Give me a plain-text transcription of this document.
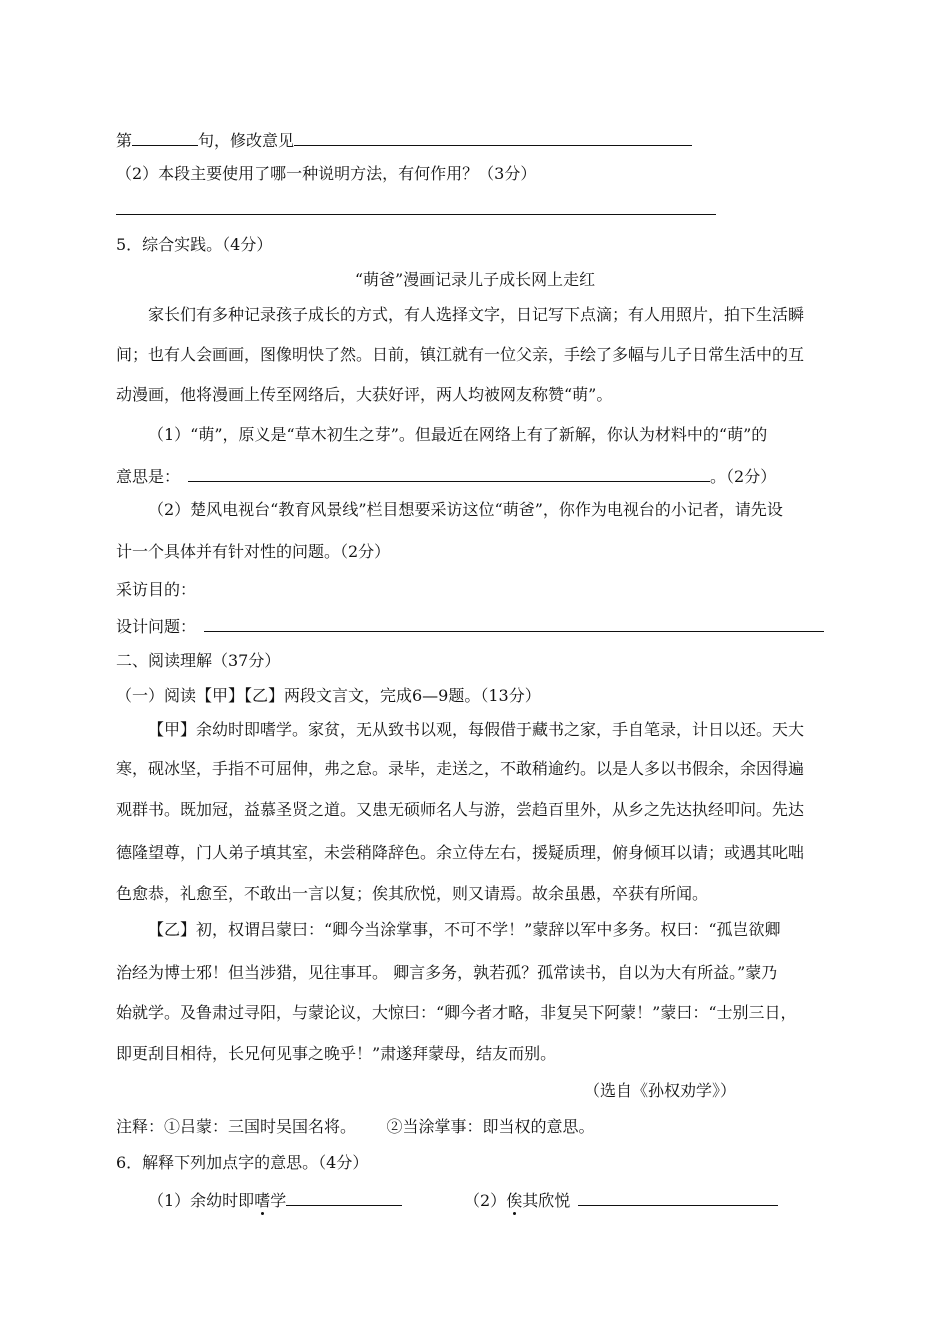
第	句，修改意见
（2）本段主要使用了哪一种说明方法，有何作用？（3分）
5．综合实践。（4分）
“萌爸”漫画记录儿子成长网上走红
家长们有多种记录孩子成长的方式，有人选择文字，日记写下点滴；有人用照片，拍下生活瞬
间；也有人会画画，图像明快了然。日前，镇江就有一位父亲，手绘了多幅与儿子日常生活中的互
动漫画，他将漫画上传至网络后，大获好评，两人均被网友称赞“萌”。
（1）“萌”，原义是“草木初生之芽”。但最近在网络上有了新解，你认为材料中的“萌”的
意思是：	。（2分）
（2）楚风电视台“教育风景线”栏目想要采访这位“萌爸”，你作为电视台的小记者，请先设
计一个具体并有针对性的问题。（2分）
采访目的：
设计问题：
二、阅读理解（37分）
（一）阅读【甲】【乙】两段文言文，完成6—9题。（13分）
【甲】余幼时即嗜学。家贫，无从致书以观，每假借于藏书之家，手自笔录，计日以还。天大
寒，砚冰坚，手指不可屈伸，弗之怠。录毕，走送之，不敢稍逾约。以是人多以书假余，余因得遍
观群书。既加冠，益慕圣贤之道。又患无硕师名人与游，尝趋百里外，从乡之先达执经叩问。先达
德隆望尊，门人弟子填其室，未尝稍降辞色。余立侍左右，援疑质理，俯身倾耳以请；或遇其叱咄
色愈恭，礼愈至，不敢出一言以复；俟其欣悦，则又请焉。故余虽愚，卒获有所闻。
【乙】初，权谓吕蒙曰：“卿今当涂掌事，不可不学！”蒙辞以军中多务。权曰：“孤岂欲卿
治经为博士邪！但当涉猎，见往事耳。 卿言多务，孰若孤？孤常读书，自以为大有所益。”蒙乃
始就学。及鲁肃过寻阳，与蒙论议，大惊曰：“卿今者才略，非复吴下阿蒙！”蒙曰：“士别三日，
即更刮目相待，长兄何见事之晚乎！”肃遂拜蒙母，结友而别。
（选自《孙权劝学》）
注释：①吕蒙：三国时吴国名将。      ②当涂掌事：即当权的意思。
6．解释下列加点字的意思。（4分）
（1）余幼时即嗜学	（2）俟其欣悦
